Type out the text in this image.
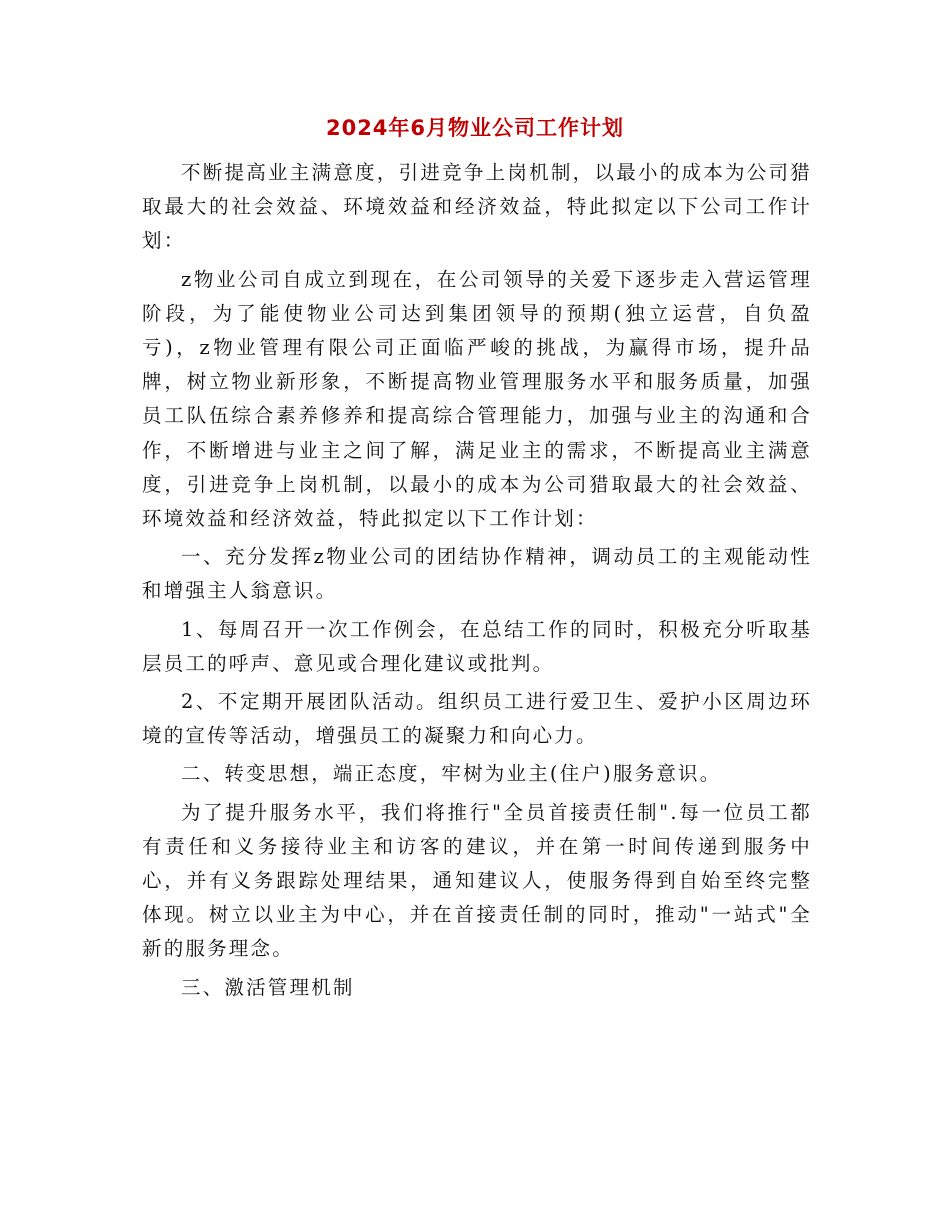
2024年6月物业公司工作计划

不断提高业主满意度，引进竞争上岗机制，以最小的成本为公司猎取最大的社会效益、环境效益和经济效益，特此拟定以下公司工作计划：

z物业公司自成立到现在，在公司领导的关爱下逐步走入营运管理阶段，为了能使物业公司达到集团领导的预期(独立运营，自负盈亏)，z物业管理有限公司正面临严峻的挑战，为赢得市场，提升品牌，树立物业新形象，不断提高物业管理服务水平和服务质量，加强员工队伍综合素养修养和提高综合管理能力，加强与业主的沟通和合作，不断增进与业主之间了解，满足业主的需求，不断提高业主满意度，引进竞争上岗机制，以最小的成本为公司猎取最大的社会效益、环境效益和经济效益，特此拟定以下工作计划：

一、充分发挥z物业公司的团结协作精神，调动员工的主观能动性和增强主人翁意识。

1、每周召开一次工作例会，在总结工作的同时，积极充分听取基层员工的呼声、意见或合理化建议或批判。

2、不定期开展团队活动。组织员工进行爱卫生、爱护小区周边环境的宣传等活动，增强员工的凝聚力和向心力。

二、转变思想，端正态度，牢树为业主(住户)服务意识。

为了提升服务水平，我们将推行"全员首接责任制".每一位员工都有责任和义务接待业主和访客的建议，并在第一时间传递到服务中心，并有义务跟踪处理结果，通知建议人，使服务得到自始至终完整体现。树立以业主为中心，并在首接责任制的同时，推动"一站式"全新的服务理念。

三、激活管理机制
